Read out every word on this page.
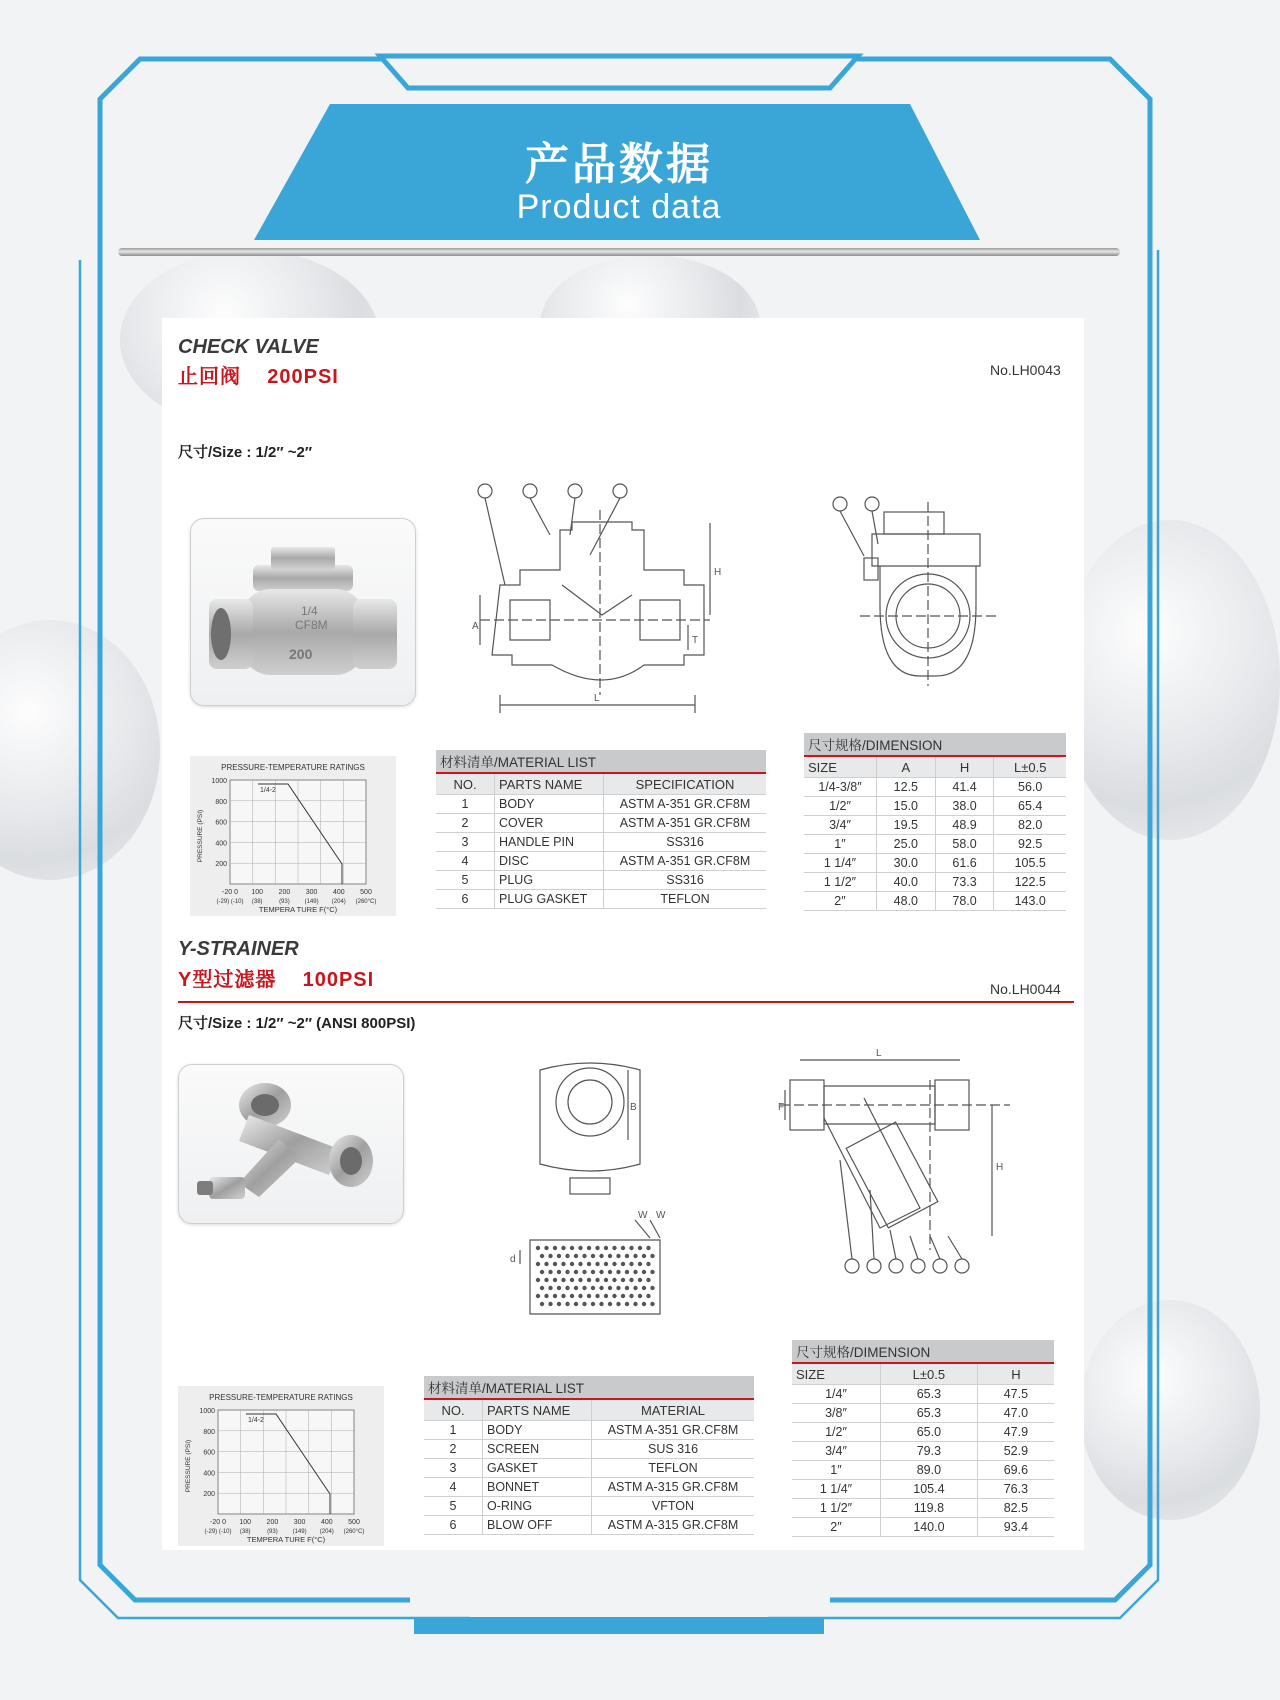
产品数据
Product data
CHECK VALVE
止回阀 200PSI	No.LH0043
尺寸/Size : 1/2″ ~2″
1/4
CF8M
200
A
H
T
L
PRESSURE-TEMPERATURE RATINGS
1000
800
600
400
200
-20 0 100 200 300 400 500
(-29) (-10) (38)	(93) (149) (204) (260°C)
TEMPERA TURE F(°C)
PRESSURE (PSI)
1/4-2
材料清单/MATERIAL LIST		
NO.	PARTS NAME	SPECIFICATION
1	BODY	ASTM A-351 GR.CF8M
2	COVER	ASTM A-351 GR.CF8M
3	HANDLE PIN	SS316
4	DISC	ASTM A-351 GR.CF8M
5	PLUG	SS316
6	PLUG GASKET	TEFLON
尺寸规格/DIMENSION			
SIZE	A	H	L±0.5
1/4-3/8″	12.5	41.4	56.0
1/2″	15.0	38.0	65.4
3/4″	19.5	48.9	82.0
1″	25.0	58.0	92.5
1 1/4″	30.0	61.6	105.5
1 1/2″	40.0	73.3	122.5
2″	48.0	78.0	143.0
Y-STRAINER
Y型过滤器 100PSI	No.LH0044
尺寸/Size : 1/2″ ~2″ (ANSI 800PSI)
B
W W
d
L
F
H
PRESSURE-TEMPERATURE RATINGS
1000
800
600
400
200
-20 0 100 200 300 400 500
(-29) (-10) (38)	(93) (149) (204) (260°C)
TEMPERA TURE F(°C)
PRESSURE (PSI)
1/4-2
材料清单/MATERIAL LIST		
NO.	PARTS NAME	MATERIAL
1	BODY	ASTM A-351 GR.CF8M
2	SCREEN	SUS 316
3	GASKET	TEFLON
4	BONNET	ASTM A-315 GR.CF8M
5	O-RING	VFTON
6	BLOW OFF	ASTM A-315 GR.CF8M
尺寸规格/DIMENSION		
SIZE	L±0.5	H
1/4″	65.3	47.5
3/8″	65.3	47.0
1/2″	65.0	47.9
3/4″	79.3	52.9
1″	89.0	69.6
1 1/4″	105.4	76.3
1 1/2″	119.8	82.5
2″	140.0	93.4
